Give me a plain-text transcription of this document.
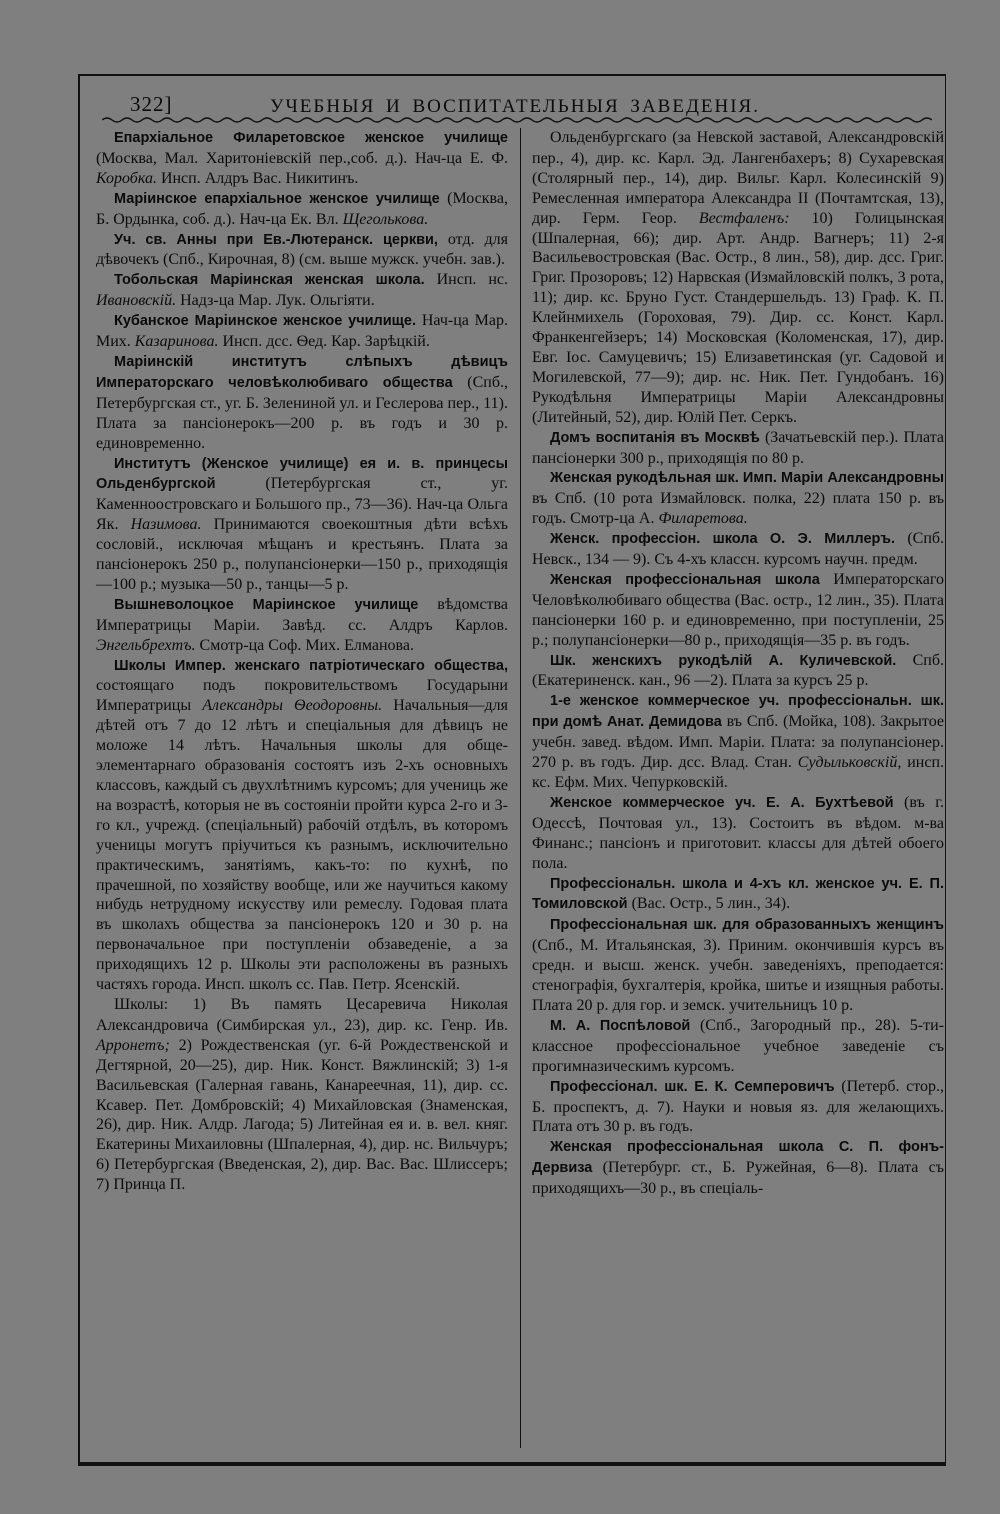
322]	УЧЕБНЫЯ И ВОСПИТАТЕЛЬНЫЯ ЗАВЕДЕНІЯ.

Епархіальное Филаретовское женское училище (Москва, Мал. Харитоніевскій пер.,соб. д.). Нач-ца Е. Ф. Коробка. Инсп. Алдръ Вас. Никитинъ.

Маріинское епархіальное женское училище (Москва, Б. Ордынка, соб. д.). Нач-ца Ек. Вл. Щеголькова.

Уч. св. Анны при Ев.-Лютеранск. церкви, отд. для дѣвочекъ (Спб., Кирочная, 8) (см. выше мужск. учебн. зав.).

Тобольская Маріинская женская школа. Инсп. нс. Ивановскій. Надз-ца Мар. Лук. Ольгіяти.

Кубанское Маріинское женское училище. Нач-ца Мар. Мих. Казаринова. Инсп. дсс. Ѳед. Кар. Зарѣцкій.

Маріинскій институтъ слѣпыхъ дѣвицъ Императорскаго человѣколюбиваго общества (Спб., Петербургская ст., уг. Б. Зелениной ул. и Геслерова пер., 11). Плата за пансіонерокъ—200 р. въ годъ и 30 р. единовременно.

Институтъ (Женское училище) ея и. в. принцесы Ольденбургской	(Петербургская ст., уг. Каменноостровскаго и Большого пр., 73—36). Нач-ца Ольга Як. Назимова. Принимаются своекоштныя дѣти всѣхъ сословій., исключая мѣщанъ и крестьянъ. Плата за пансіонерокъ 250 р., полупансіонерки—150 р., приходящія—100 р.; музыка—50 р., танцы—5 р.

Вышневолоцкое Маріинское училище вѣдомства Императрицы Маріи. Завѣд. сс. Алдръ Карлов. Энгельбрехтъ. Смотр-ца Соф. Мих. Елманова.

Школы Импер. женскаго патріотическаго общества, состоящаго подъ покровительствомъ Государыни Императрицы Александры Ѳеодоровны. Начальныя—для дѣтей отъ 7 до 12 лѣтъ и спеціальныя для дѣвицъ не моложе 14 лѣтъ. Начальныя школы для обще-элементарнаго образованія состоятъ изъ 2-хъ основныхъ классовъ, каждый съ двухлѣтнимъ курсомъ; для учениць же на возрастѣ, которыя не въ состояніи пройти курса 2-го и 3-го кл., учрежд. (спеціальный) рабочій отдѣлъ, въ которомъ ученицы могутъ пріучиться къ разнымъ, исключительно практическимъ, занятіямъ, какъ-то: по кухнѣ, по прачешной, по хозяйству вообще, или же научиться какому нибудь нетрудному искусству или ремеслу. Годовая плата въ школахъ общества за пансіонерокъ 120 и 30 р. на первоначальное при поступленіи обзаведеніе, а за приходящихъ 12 р. Школы эти расположены въ разныхъ частяхъ города. Инсп. школъ сс. Пав. Петр. Ясенскій.

Школы: 1) Въ память Цесаревича Николая Александровича (Симбирская ул., 23), дир. кс. Генр. Ив. Арронетъ; 2) Рождественская (уг. 6-й Рождественской и Дегтярной, 20—25), дир. Ник. Конст. Вяжлинскій; 3) 1-я Васильевская (Галерная гавань, Канареечная, 11), дир. сс. Ксавер. Пет. Домбровскій; 4) Михайловская (Знаменская, 26), дир. Ник. Алдр. Лагода; 5) Литейная ея и. в. вел. княг. Екатерины Михаиловны (Шпалерная, 4), дир. нс. Вильчуръ; 6) Петербургская (Введенская, 2), дир. Вас. Вас. Шлиссеръ; 7) Принца П.

Ольденбургскаго (за Невской заставой, Александровскій пер., 4), дир. кс. Карл. Эд. Лангенбахеръ; 8) Сухаревская (Столярный пер., 14), дир. Вильг. Карл. Колесинскій 9) Ремесленная императора Александра II (Почтамтская, 13), дир. Герм. Геор. Вестфаленъ: 10) Голицынская (Шпалерная, 66); дир. Арт. Андр. Вагнеръ; 11) 2-я Васильевостровская (Вас. Остр., 8 лин., 58), дир. дсс. Григ. Григ. Прозоровъ; 12) Нарвская (Измайловскій полкъ, 3 рота, 11); дир. кс. Бруно Густ. Стандершельдъ. 13) Граф. К. П. Клейнмихель (Гороховая, 79). Дир. сс. Конст. Карл. Франкенгейзеръ; 14) Московская (Коломенская, 17), дир. Евг. Іос. Самуцевичъ; 15) Елизаветинская (уг. Садовой и Могилевской, 77—9); дир. нс. Ник. Пет. Гундобанъ. 16) Рукодѣльня Императрицы Маріи Александровны (Литейный, 52), дир. Юлій Пет. Серкъ.

Домъ воспитанія въ Москвѣ (Зачатьевскій пер.). Плата пансіонерки 300 р., приходящія по 80 р.

Женская рукодѣльная шк. Имп. Маріи Александровны въ Спб. (10 рота Измайловск. полка, 22) плата 150 р. въ годъ. Смотр-ца А. Филаретова.

Женск. профессіон. школа О. Э. Миллеръ. (Спб. Невск., 134 — 9). Съ 4-хъ классн. курсомъ научн. предм.

Женская профессіональная школа Императорскаго Человѣколюбиваго общества (Вас. остр., 12 лин., 35). Плата пансіонерки 160 р. и единовременно, при поступленіи, 25 р.; полупансіонерки—80 р., приходящія—35 р. въ годъ.

Шк. женскихъ рукодѣлій А. Куличевской. Спб. (Екатериненск. кан., 96 —2). Плата за курсъ 25 р.

1-е женское коммерческое уч. профессіональн. шк. при домѣ Анат. Демидова въ Спб. (Мойка, 108). Закрытое учебн. завед. вѣдом. Имп. Маріи. Плата: за полупансіонер. 270 р. въ годъ. Дир. дсс. Влад. Стан. Судыльковскій, инсп. кс. Ефм. Мих. Чепурковскій.

Женское коммерческое уч. Е. А. Бухтѣевой (въ г. Одессѣ, Почтовая ул., 13). Состоитъ въ вѣдом. м-ва Финанс.; пансіонъ и приготовит. классы для дѣтей обоего пола.

Профессіональн. школа и 4-хъ кл. женское уч. Е. П. Томиловской (Вас. Остр., 5 лин., 34).

Профессіональная шк. для образованныхъ женщинъ (Спб., М. Итальянская, 3). Приним. окончившія курсъ въ средн. и высш. женск. учебн. заведеніяхъ, преподается: стенографія, бухгалтерія, кройка, шитье и изящныя работы. Плата 20 р. для гор. и земск. учительницъ 10 р.

М. А. Поспѣловой (Спб., Загородный пр., 28). 5-ти-классное профессіональное учебное заведеніе съ прогимназическимъ курсомъ.

Профессіонал. шк. Е. К. Семперовичъ (Петерб. стор., Б. проспектъ, д. 7). Науки и новыя яз. для желающихъ. Плата отъ 30 р. въ годъ.

Женская профессіональная школа С. П. фонъ-Дервиза (Петербург. ст., Б. Ружейная, 6—8). Плата съ приходящихъ—30 р., въ спеціаль-
